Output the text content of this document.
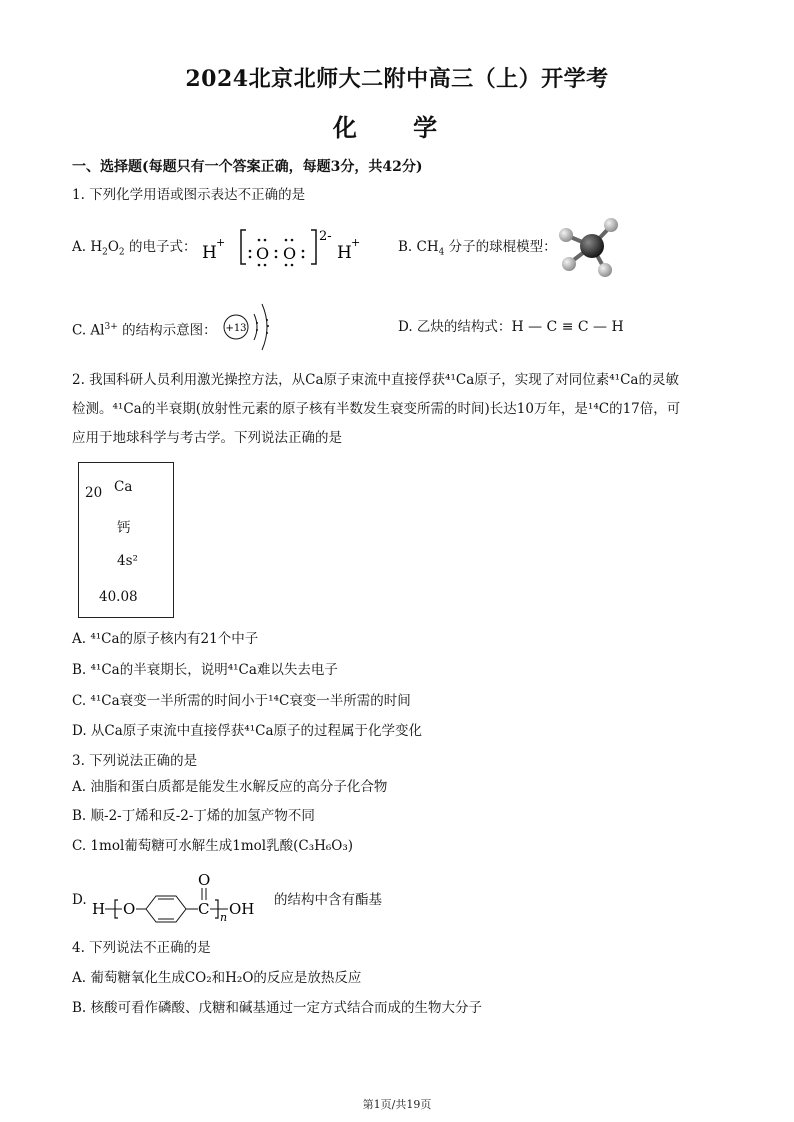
2024北京北师大二附中高三（上）开学考
化 学
一、选择题(每题只有一个答案正确，每题3分，共42分)
1. 下列化学用语或图示表达不正确的是
A. $H_2O_2$ 的电子式： H
+
O O
2-
H
+	B. $CH_4$ 分子的球棍模型：
C. $Al^{3+}$ 的结构示意图： +13	D. 乙炔的结构式：H — C ≡ C — H
2. 我国科研人员利用激光操控方法，从Ca原子束流中直接俘获⁴¹Ca原子，实现了对同位素⁴¹Ca的灵敏
检测。⁴¹Ca的半衰期(放射性元素的原子核有半数发生衰变所需的时间)长达10万年，是¹⁴C的17倍，可
应用于地球科学与考古学。下列说法正确的是
20 Ca
钙
4s²
40.08
A. ⁴¹Ca的原子核内有21个中子
B. ⁴¹Ca的半衰期长，说明⁴¹Ca难以失去电子
C. ⁴¹Ca衰变一半所需的时间小于¹⁴C衰变一半所需的时间
D. 从Ca原子束流中直接俘获⁴¹Ca原子的过程属于化学变化
3. 下列说法正确的是
A. 油脂和蛋白质都是能发生水解反应的高分子化合物
B. 顺-2-丁烯和反-2-丁烯的加氢产物不同
C. 1mol葡萄糖可水解生成1mol乳酸(C₃H₆O₃)
D. H O	C
O
n OH 的结构中含有酯基
4. 下列说法不正确的是
A. 葡萄糖氧化生成CO₂和H₂O的反应是放热反应
B. 核酸可看作磷酸、戊糖和碱基通过一定方式结合而成的生物大分子
第1页/共19页
